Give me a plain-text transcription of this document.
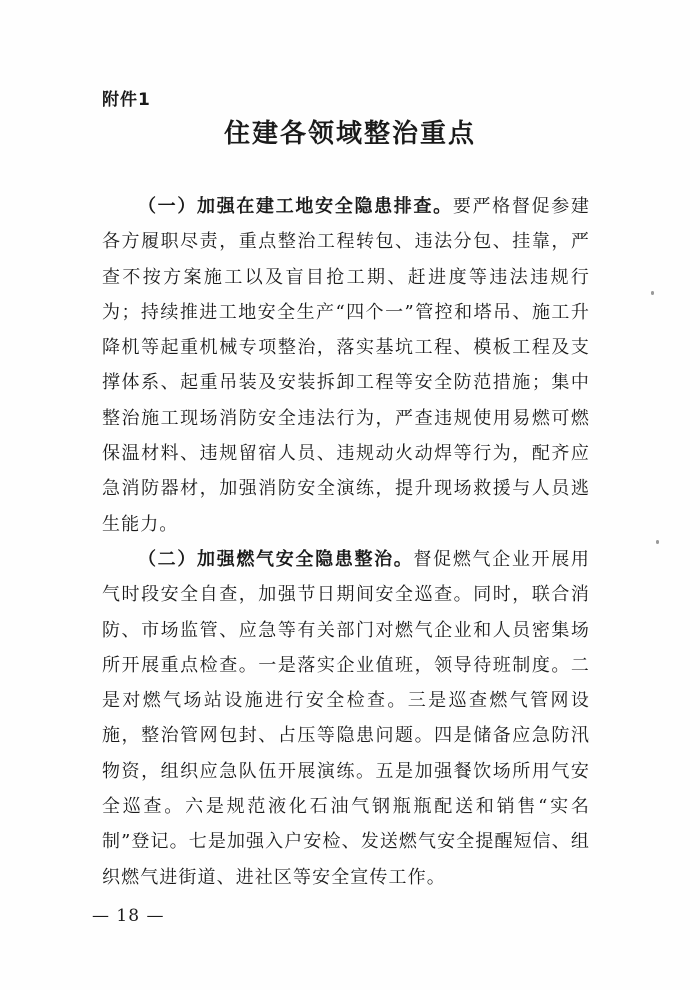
附件1
住建各领域整治重点

（一）加强在建工地安全隐患排查。要严格督促参建各方履职尽责，重点整治工程转包、违法分包、挂靠，严查不按方案施工以及盲目抢工期、赶进度等违法违规行为；持续推进工地安全生产“四个一”管控和塔吊、施工升降机等起重机械专项整治，落实基坑工程、模板工程及支撑体系、起重吊装及安装拆卸工程等安全防范措施；集中整治施工现场消防安全违法行为，严查违规使用易燃可燃保温材料、违规留宿人员、违规动火动焊等行为，配齐应急消防器材，加强消防安全演练，提升现场救援与人员逃生能力。

（二）加强燃气安全隐患整治。督促燃气企业开展用气时段安全自查，加强节日期间安全巡查。同时，联合消防、市场监管、应急等有关部门对燃气企业和人员密集场所开展重点检查。一是落实企业值班，领导待班制度。二是对燃气场站设施进行安全检查。三是巡查燃气管网设施，整治管网包封、占压等隐患问题。四是储备应急防汛物资，组织应急队伍开展演练。五是加强餐饮场所用气安全巡查。六是规范液化石油气钢瓶瓶配送和销售“实名制”登记。七是加强入户安检、发送燃气安全提醒短信、组织燃气进街道、进社区等安全宣传工作。

— 18 —
